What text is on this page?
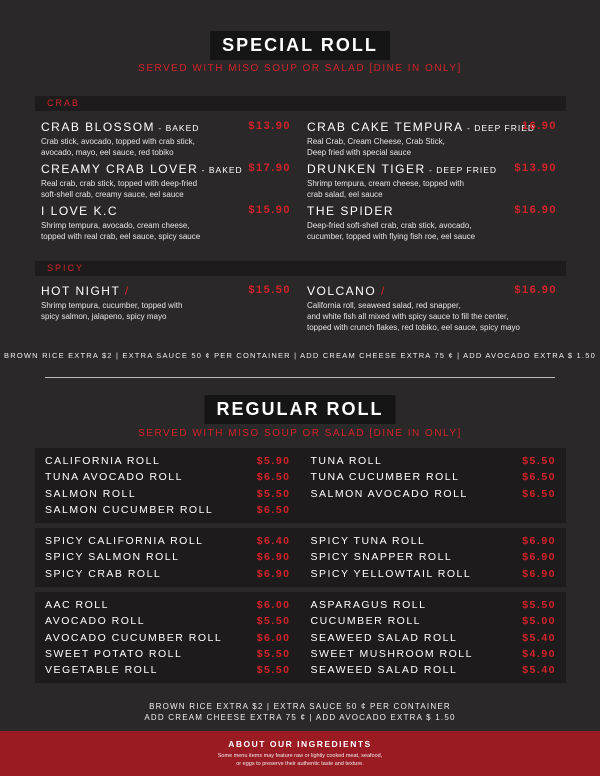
SPECIAL ROLL
SERVED WITH MISO SOUP OR SALAD [DINE IN ONLY]
CRAB
CRAB BLOSSOM - BAKED	$13.90
Crab stick, avocado, topped with crab stick,
avocado, mayo, eel sauce, red tobiko
CRAB CAKE TEMPURA - DEEP FRIED
16.90
Real Crab, Cream Cheese, Crab Stick,
Deep fried with special sauce
CREAMY CRAB LOVER - BAKED $17.90
Real crab, crab stick, topped with deep-fried
soft-shell crab, creamy sauce, eel sauce
DRUNKEN TIGER - DEEP FRIED	$13.90
Shrimp tempura, cream cheese, topped with
crab salad, eel sauce
I LOVE K.C	$15.90
Shrimp tempura, avocado, cream cheese,
topped with real crab, eel sauce, spicy sauce
THE SPIDER	$16.90
Deep-fried soft-shell crab, crab stick, avocado,
cucumber, topped with flying fish roe, eel sauce
SPICY
HOT NIGHT /	$15.50
Shrimp tempura, cucumber, topped with
spicy salmon, jalapeno, spicy mayo
VOLCANO /	$16.90
California roll, seaweed salad, red snapper,
and white fish all mixed with spicy sauce to fill the center,
topped with crunch flakes, red tobiko, eel sauce, spicy mayo
BROWN RICE EXTRA $2 | EXTRA SAUCE 50 ¢ PER CONTAINER | ADD CREAM CHEESE EXTRA 75 ¢ | ADD AVOCADO EXTRA $ 1.50
REGULAR ROLL
SERVED WITH MISO SOUP OR SALAD [DINE IN ONLY]
CALIFORNIA ROLL	$5.90
TUNA AVOCADO ROLL	$6.50
SALMON ROLL	$5.50
SALMON CUCUMBER ROLL	$6.50
TUNA ROLL	$5.50
TUNA CUCUMBER ROLL	$6.50
SALMON AVOCADO ROLL	$6.50
SPICY CALIFORNIA ROLL	$6.40
SPICY SALMON ROLL	$6.90
SPICY CRAB ROLL	$6.90
SPICY TUNA ROLL	$6.90
SPICY SNAPPER ROLL	$6.90
SPICY YELLOWTAIL ROLL	$6.90
AAC ROLL	$6.00
AVOCADO ROLL	$5.50
AVOCADO CUCUMBER ROLL	$6.00
SWEET POTATO ROLL	$5.50
VEGETABLE ROLL	$5.50
ASPARAGUS ROLL	$5.50
CUCUMBER ROLL	$5.00
SEAWEED SALAD ROLL	$5.40
SWEET MUSHROOM ROLL	$4.90
SEAWEED SALAD ROLL	$5.40
BROWN RICE EXTRA $2 | EXTRA SAUCE 50 ¢ PER CONTAINER
ADD CREAM CHEESE EXTRA 75 ¢ | ADD AVOCADO EXTRA $ 1.50
ABOUT OUR INGREDIENTS

Some menu items may feature raw or lightly cooked meat, seafood,
or eggs to preserve their authentic taste and texture.
